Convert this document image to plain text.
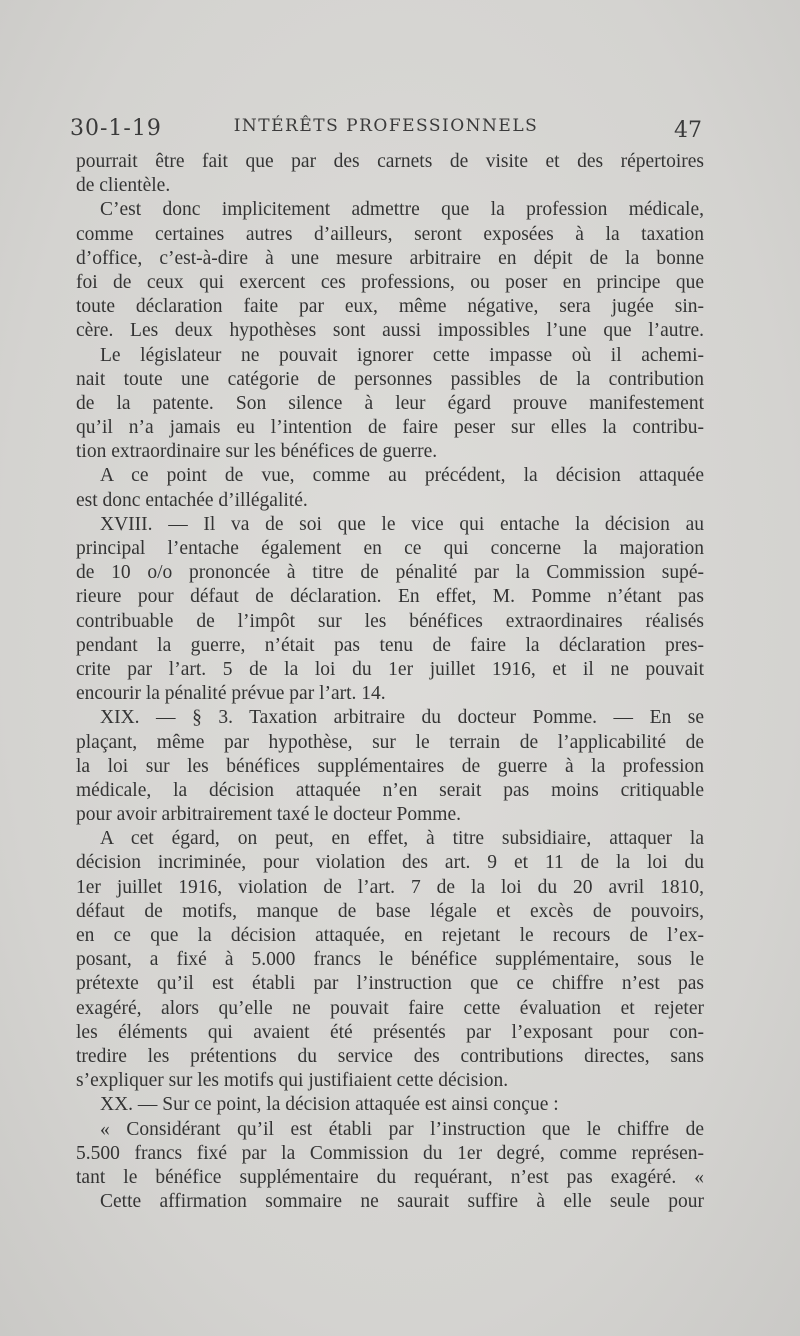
30-1-19	INTÉRÊTS PROFESSIONNELS	47
pourrait être fait que par des carnets de visite et des répertoires
de clientèle.
C’est donc implicitement admettre que la profession médicale,
comme certaines autres d’ailleurs, seront exposées à la taxation
d’office, c’est-à-dire à une mesure arbitraire en dépit de la bonne
foi de ceux qui exercent ces professions, ou poser en principe que
toute déclaration faite par eux, même négative, sera jugée sin-
cère. Les deux hypothèses sont aussi impossibles l’une que l’autre.
Le législateur ne pouvait ignorer cette impasse où il achemi-
nait toute une catégorie de personnes passibles de la contribution
de la patente. Son silence à leur égard prouve manifestement
qu’il n’a jamais eu l’intention de faire peser sur elles la contribu-
tion extraordinaire sur les bénéfices de guerre.
A ce point de vue, comme au précédent, la décision attaquée
est donc entachée d’illégalité.
XVIII. — Il va de soi que le vice qui entache la décision au
principal l’entache également en ce qui concerne la majoration
de 10 o/o prononcée à titre de pénalité par la Commission supé-
rieure pour défaut de déclaration. En effet, M. Pomme n’étant pas
contribuable de l’impôt sur les bénéfices extraordinaires réalisés
pendant la guerre, n’était pas tenu de faire la déclaration pres-
crite par l’art. 5 de la loi du 1er juillet 1916, et il ne pouvait
encourir la pénalité prévue par l’art. 14.
XIX. — § 3. Taxation arbitraire du docteur Pomme. — En se
plaçant, même par hypothèse, sur le terrain de l’applicabilité de
la loi sur les bénéfices supplémentaires de guerre à la profession
médicale, la décision attaquée n’en serait pas moins critiquable
pour avoir arbitrairement taxé le docteur Pomme.
A cet égard, on peut, en effet, à titre subsidiaire, attaquer la
décision incriminée, pour violation des art. 9 et 11 de la loi du
1er juillet 1916, violation de l’art. 7 de la loi du 20 avril 1810,
défaut de motifs, manque de base légale et excès de pouvoirs,
en ce que la décision attaquée, en rejetant le recours de l’ex-
posant, a fixé à 5.000 francs le bénéfice supplémentaire, sous le
prétexte qu’il est établi par l’instruction que ce chiffre n’est pas
exagéré, alors qu’elle ne pouvait faire cette évaluation et rejeter
les éléments qui avaient été présentés par l’exposant pour con-
tredire les prétentions du service des contributions directes, sans
s’expliquer sur les motifs qui justifiaient cette décision.
XX. — Sur ce point, la décision attaquée est ainsi conçue :
« Considérant qu’il est établi par l’instruction que le chiffre de
5.500 francs fixé par la Commission du 1er degré, comme représen-
tant le bénéfice supplémentaire du requérant, n’est pas exagéré. «
Cette affirmation sommaire ne saurait suffire à elle seule pour
